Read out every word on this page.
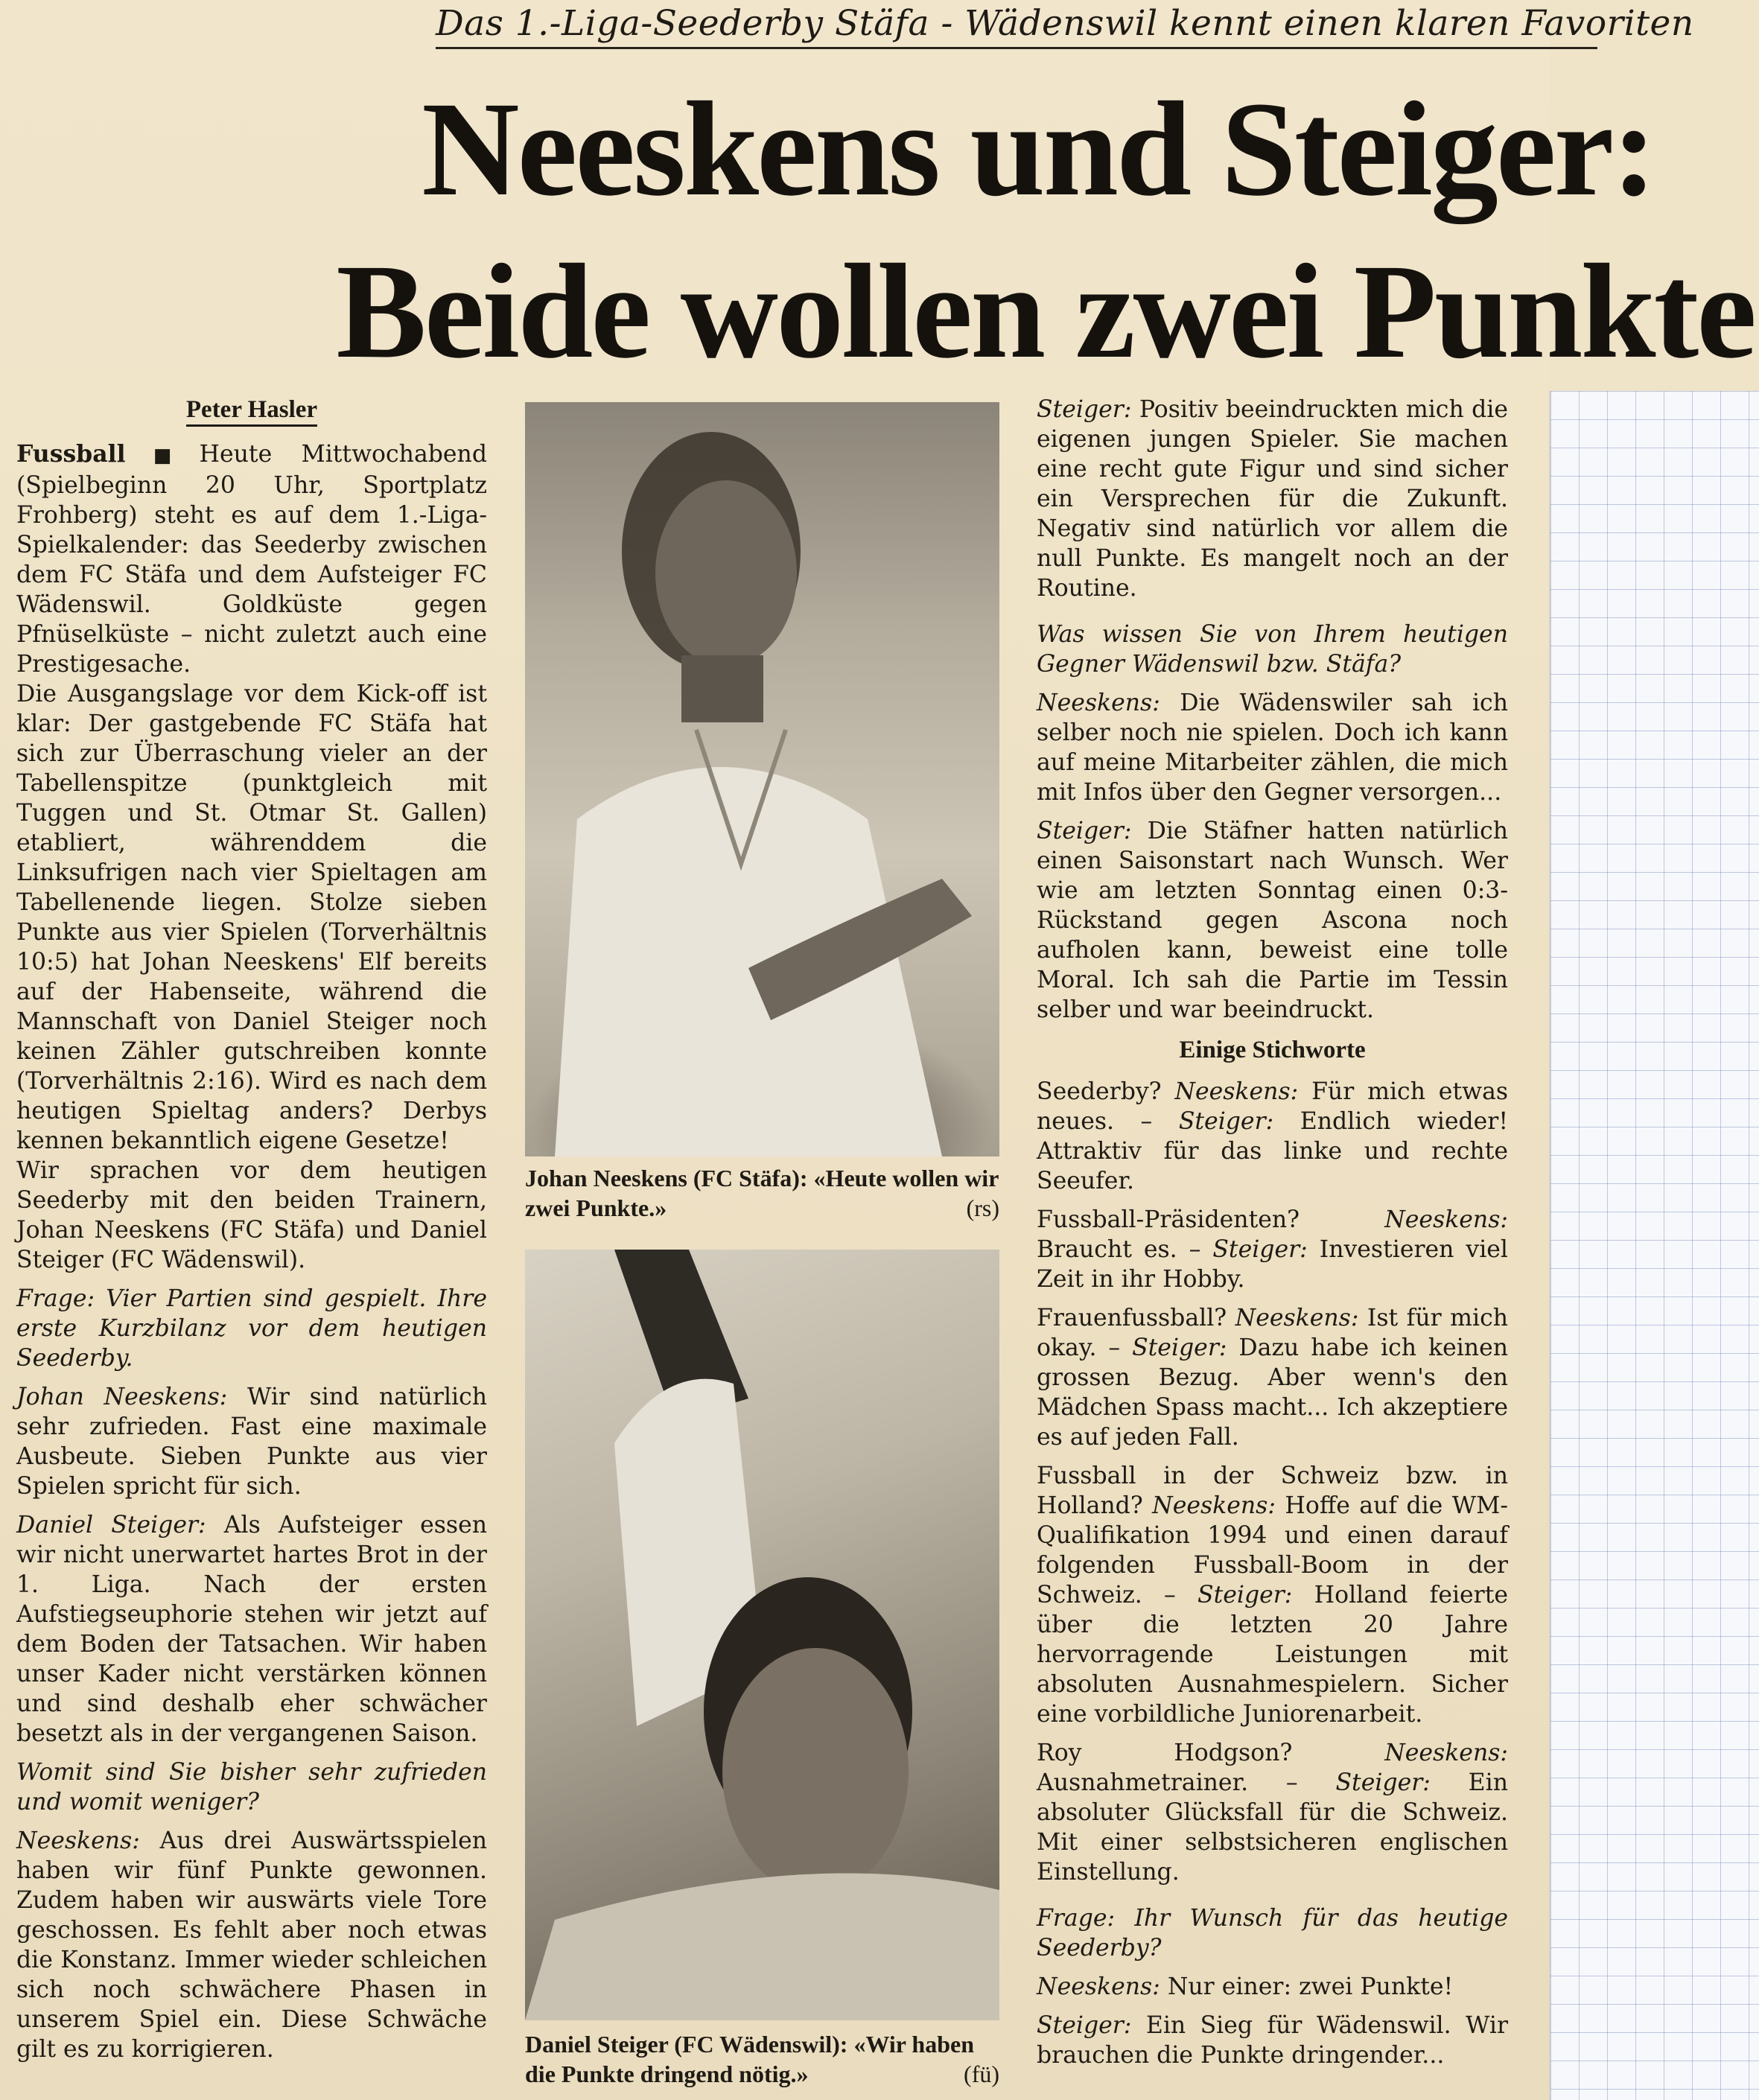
Das 1.-Liga-Seederby Stäfa - Wädenswil kennt einen klaren Favoriten
Neeskens und Steiger:
Beide wollen zwei Punkte
Peter Hasler

Fussball ■ Heute Mittwochabend (Spielbeginn 20 Uhr, Sportplatz Frohberg) steht es auf dem 1.-Liga-Spielkalender: das Seederby zwischen dem FC Stäfa und dem Aufsteiger FC Wädenswil. Goldküste gegen Pfnüselküste – nicht zuletzt auch eine Prestigesache.

Die Ausgangslage vor dem Kick-off ist klar: Der gastgebende FC Stäfa hat sich zur Überraschung vieler an der Tabellenspitze (punktgleich mit Tuggen und St. Otmar St. Gallen) etabliert, währenddem die Linksufrigen nach vier Spieltagen am Tabellenende liegen. Stolze sieben Punkte aus vier Spielen (Torverhältnis 10:5) hat Johan Neeskens' Elf bereits auf der Habenseite, während die Mannschaft von Daniel Steiger noch keinen Zähler gutschreiben konnte (Torverhältnis 2:16). Wird es nach dem heutigen Spieltag anders? Derbys kennen bekanntlich eigene Gesetze!

Wir sprachen vor dem heutigen Seederby mit den beiden Trainern, Johan Neeskens (FC Stäfa) und Daniel Steiger (FC Wädenswil).

Frage: Vier Partien sind gespielt. Ihre erste Kurzbilanz vor dem heutigen Seederby.

Johan Neeskens: Wir sind natürlich sehr zufrieden. Fast eine maximale Ausbeute. Sieben Punkte aus vier Spielen spricht für sich.

Daniel Steiger: Als Aufsteiger essen wir nicht unerwartet hartes Brot in der 1. Liga. Nach der ersten Aufstiegseuphorie stehen wir jetzt auf dem Boden der Tatsachen. Wir haben unser Kader nicht verstärken können und sind deshalb eher schwächer besetzt als in der vergangenen Saison.

Womit sind Sie bisher sehr zufrieden und womit weniger?

Neeskens: Aus drei Auswärtsspielen haben wir fünf Punkte gewonnen. Zudem haben wir auswärts viele Tore geschossen. Es fehlt aber noch etwas die Konstanz. Immer wieder schleichen sich noch schwächere Phasen in unserem Spiel ein. Diese Schwäche gilt es zu korrigieren.

Johan Neeskens (FC Stäfa): «Heute wollen wir zwei Punkte.»	(rs)
Daniel Steiger (FC Wädenswil): «Wir haben die Punkte dringend nötig.»	(fü)

Steiger: Positiv beeindruckten mich die eigenen jungen Spieler. Sie machen eine recht gute Figur und sind sicher ein Versprechen für die Zukunft. Negativ sind natürlich vor allem die null Punkte. Es mangelt noch an der Routine.

Was wissen Sie von Ihrem heutigen Gegner Wädenswil bzw. Stäfa?

Neeskens: Die Wädenswiler sah ich selber noch nie spielen. Doch ich kann auf meine Mitarbeiter zählen, die mich mit Infos über den Gegner versorgen...

Steiger: Die Stäfner hatten natürlich einen Saisonstart nach Wunsch. Wer wie am letzten Sonntag einen 0:3-Rückstand gegen Ascona noch aufholen kann, beweist eine tolle Moral. Ich sah die Partie im Tessin selber und war beeindruckt.

Einige Stichworte

Seederby? Neeskens: Für mich etwas neues. – Steiger: Endlich wieder! Attraktiv für das linke und rechte Seeufer.

Fussball-Präsidenten?	Neeskens: Braucht es. – Steiger: Investieren viel Zeit in ihr Hobby.

Frauenfussball? Neeskens: Ist für mich okay. – Steiger: Dazu habe ich keinen grossen Bezug. Aber wenn's den Mädchen Spass macht... Ich akzeptiere es auf jeden Fall.

Fussball in der Schweiz bzw. in Holland? Neeskens: Hoffe auf die WM-Qualifikation 1994 und einen darauf folgenden Fussball-Boom in der Schweiz. – Steiger: Holland feierte über die letzten 20 Jahre hervorragende Leistungen mit absoluten Ausnahmespielern. Sicher eine vorbildliche Juniorenarbeit.

Roy Hodgson?	Neeskens: Ausnahmetrainer. – Steiger: Ein absoluter Glücksfall für die Schweiz. Mit einer selbstsicheren englischen Einstellung.

Frage: Ihr Wunsch für das heutige Seederby?

Neeskens: Nur einer: zwei Punkte!

Steiger: Ein Sieg für Wädenswil. Wir brauchen die Punkte dringender...
